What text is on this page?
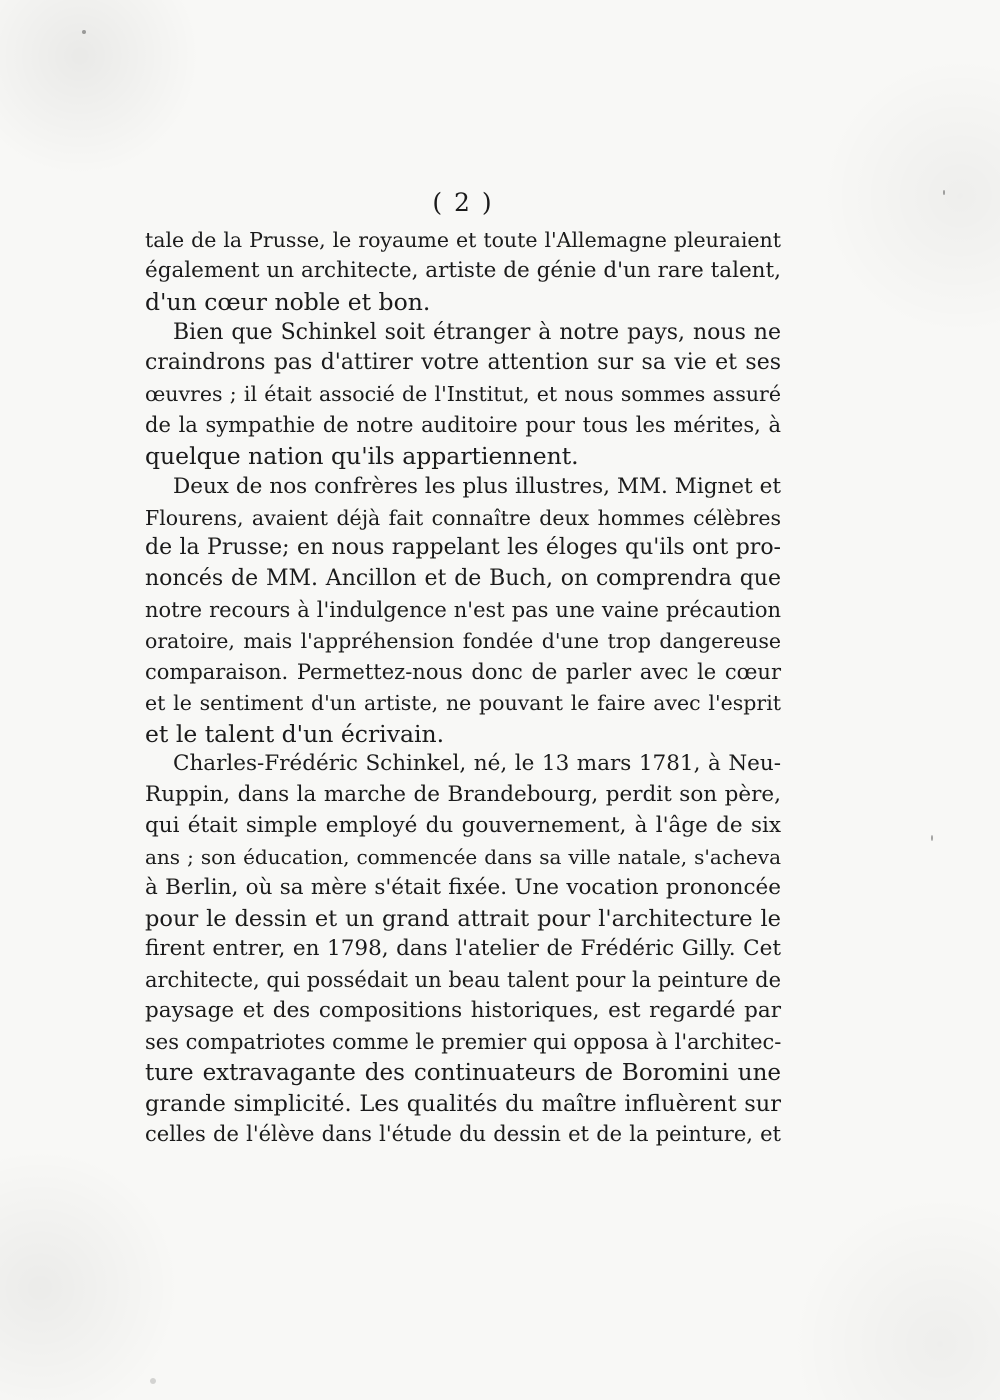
( 2 )
tale de la Prusse, le royaume et toute l'Allemagne pleuraient
également un architecte, artiste de génie d'un rare talent,
d'un cœur noble et bon.
Bien que Schinkel soit étranger à notre pays, nous ne
craindrons pas d'attirer votre attention sur sa vie et ses
œuvres ; il était associé de l'Institut, et nous sommes assuré
de la sympathie de notre auditoire pour tous les mérites, à
quelque nation qu'ils appartiennent.
Deux de nos confrères les plus illustres, MM. Mignet et
Flourens, avaient déjà fait connaître deux hommes célèbres
de la Prusse; en nous rappelant les éloges qu'ils ont pro-
noncés de MM. Ancillon et de Buch, on comprendra que
notre recours à l'indulgence n'est pas une vaine précaution
oratoire, mais l'appréhension fondée d'une trop dangereuse
comparaison. Permettez-nous donc de parler avec le cœur
et le sentiment d'un artiste, ne pouvant le faire avec l'esprit
et le talent d'un écrivain.
Charles-Frédéric Schinkel, né, le 13 mars 1781, à Neu-
Ruppin, dans la marche de Brandebourg, perdit son père,
qui était simple employé du gouvernement, à l'âge de six
ans ; son éducation, commencée dans sa ville natale, s'acheva
à Berlin, où sa mère s'était fixée. Une vocation prononcée
pour le dessin et un grand attrait pour l'architecture le
firent entrer, en 1798, dans l'atelier de Frédéric Gilly. Cet
architecte, qui possédait un beau talent pour la peinture de
paysage et des compositions historiques, est regardé par
ses compatriotes comme le premier qui opposa à l'architec-
ture extravagante des continuateurs de Boromini une
grande simplicité. Les qualités du maître influèrent sur
celles de l'élève dans l'étude du dessin et de la peinture, et
